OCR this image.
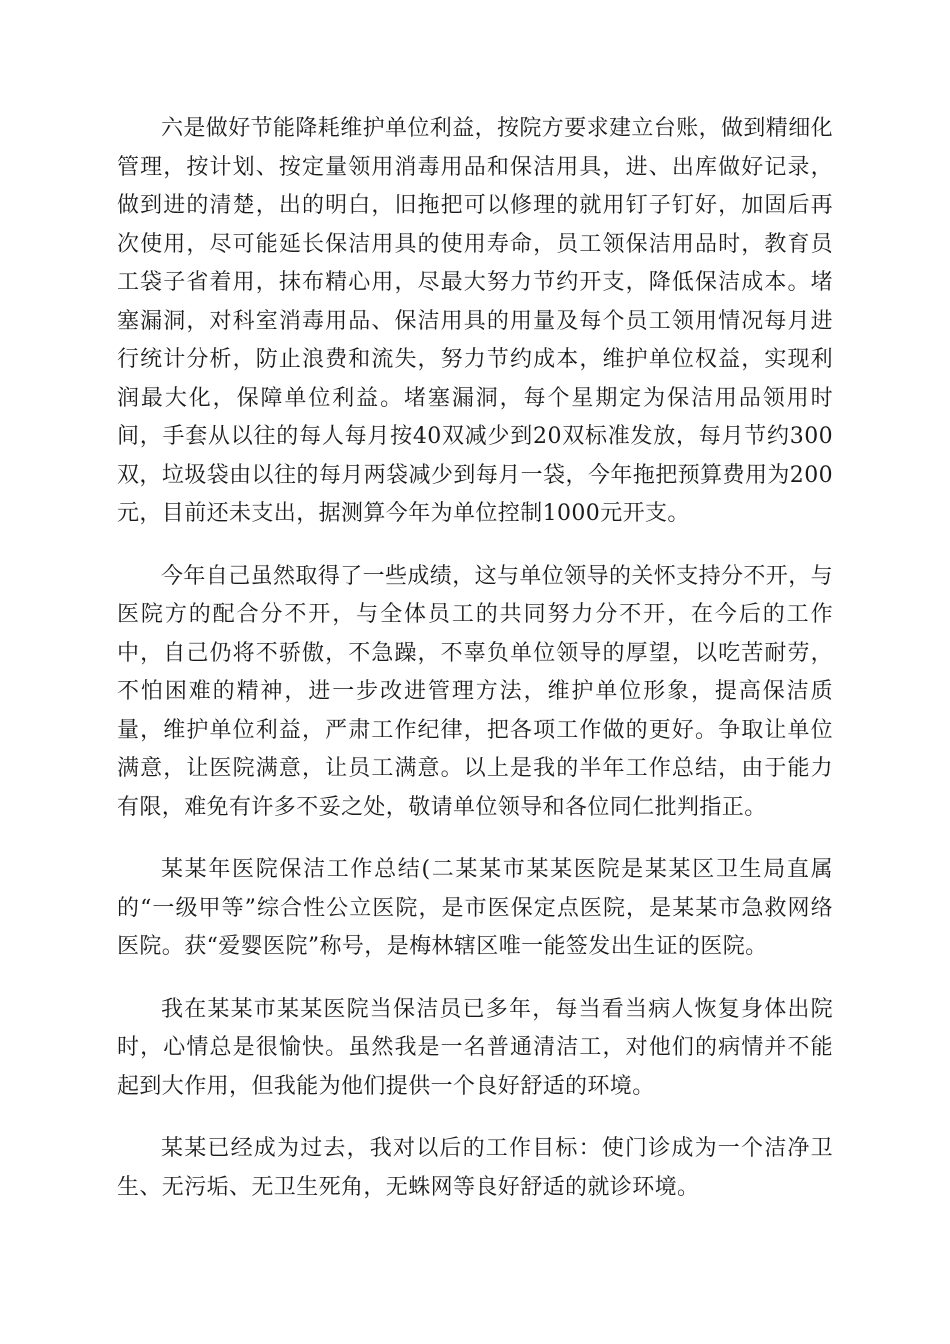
六是做好节能降耗维护单位利益，按院方要求建立台账，做到精细化管理，按计划、按定量领用消毒用品和保洁用具，进、出库做好记录，做到进的清楚，出的明白，旧拖把可以修理的就用钉子钉好，加固后再次使用，尽可能延长保洁用具的使用寿命，员工领保洁用品时，教育员工袋子省着用，抹布精心用，尽最大努力节约开支，降低保洁成本。堵塞漏洞，对科室消毒用品、保洁用具的用量及每个员工领用情况每月进行统计分析，防止浪费和流失，努力节约成本，维护单位权益，实现利润最大化，保障单位利益。堵塞漏洞，每个星期定为保洁用品领用时间，手套从以往的每人每月按40双减少到20双标准发放，每月节约300双，垃圾袋由以往的每月两袋减少到每月一袋，今年拖把预算费用为200元，目前还未支出，据测算今年为单位控制1000元开支。

今年自己虽然取得了一些成绩，这与单位领导的关怀支持分不开，与医院方的配合分不开，与全体员工的共同努力分不开，在今后的工作中，自己仍将不骄傲，不急躁，不辜负单位领导的厚望，以吃苦耐劳，不怕困难的精神，进一步改进管理方法，维护单位形象，提高保洁质量，维护单位利益，严肃工作纪律，把各项工作做的更好。争取让单位满意，让医院满意，让员工满意。以上是我的半年工作总结，由于能力有限，难免有许多不妥之处，敬请单位领导和各位同仁批判指正。

某某年医院保洁工作总结(二某某市某某医院是某某区卫生局直属的“一级甲等”综合性公立医院，是市医保定点医院，是某某市急救网络医院。获“爱婴医院”称号，是梅林辖区唯一能签发出生证的医院。

我在某某市某某医院当保洁员已多年，每当看当病人恢复身体出院时，心情总是很愉快。虽然我是一名普通清洁工，对他们的病情并不能起到大作用，但我能为他们提供一个良好舒适的环境。

某某已经成为过去，我对以后的工作目标：使门诊成为一个洁净卫生、无污垢、无卫生死角，无蛛网等良好舒适的就诊环境。
